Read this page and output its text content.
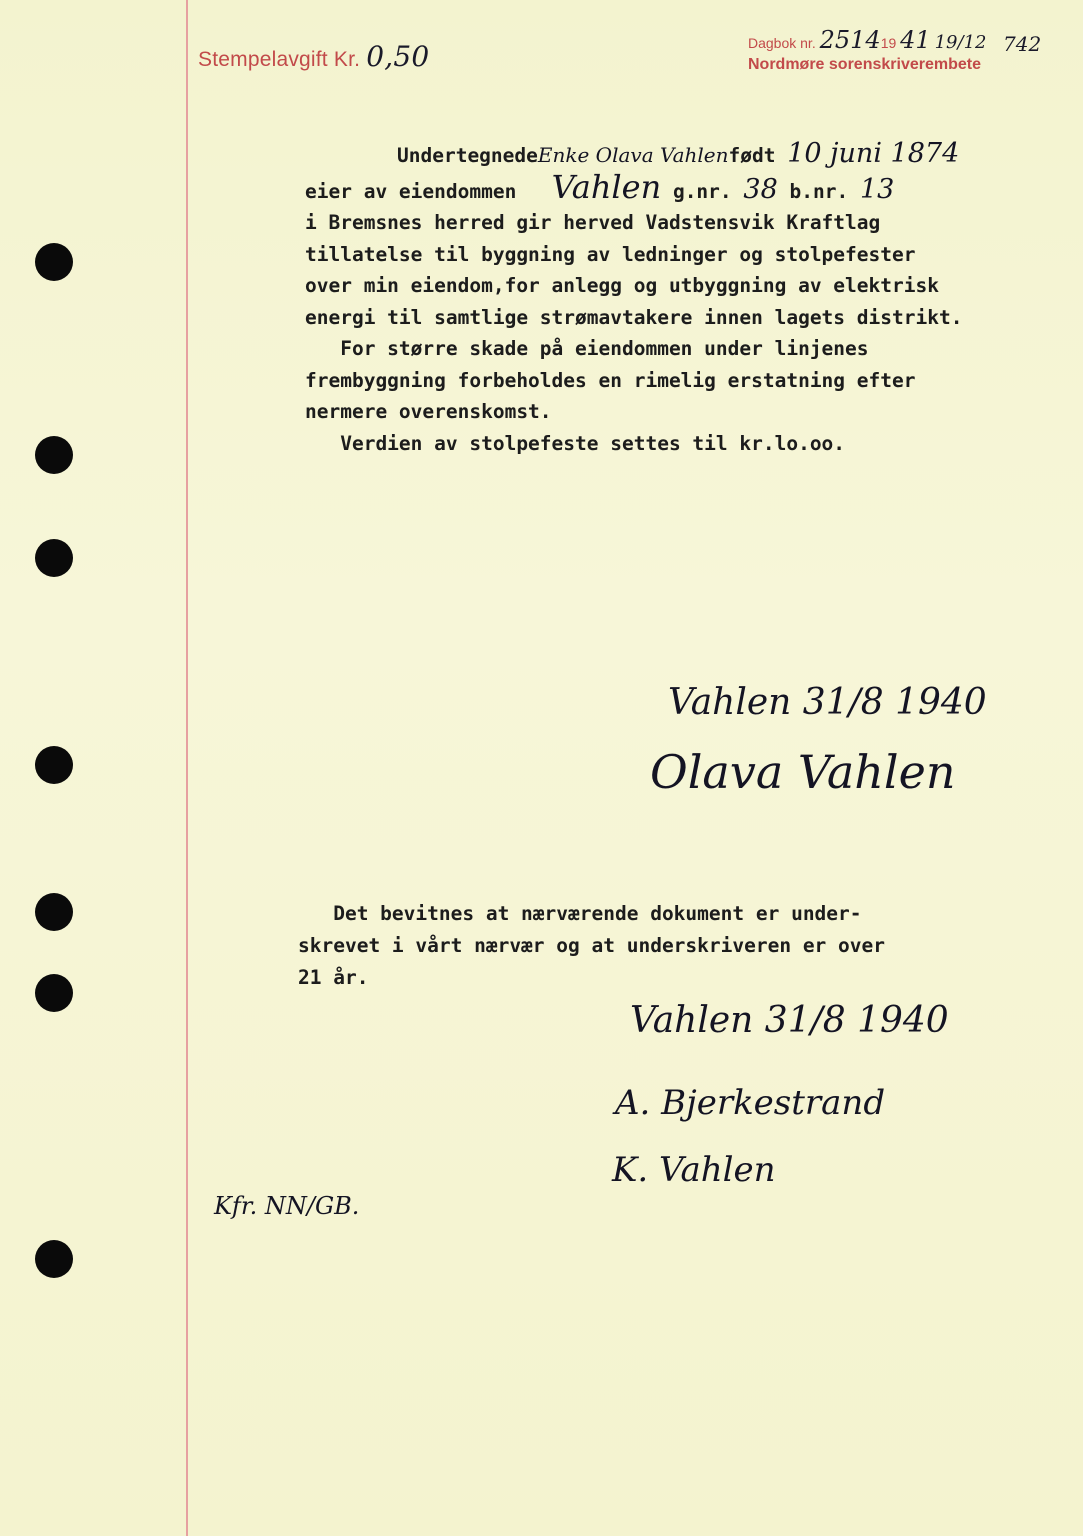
Stempelavgift Kr. 0,50	Dagbok nr. 251419 41 19/12
Nordmøre sorenskriverembete
742
UndertegnedeEnke Olava Vahlenfødt 10 juni 1874
eier av eiendommen Vahlen g.nr. 38 b.nr. 13
i Bremsnes herred gir herved Vadstensvik Kraftlag
tillatelse til byggning av ledninger og stolpefester
over min eiendom,for anlegg og utbyggning av elektrisk
energi til samtlige strømavtakere innen lagets distrikt.
For større skade på eiendommen under linjenes
frembyggning forbeholdes en rimelig erstatning efter
nermere overenskomst.
Verdien av stolpefeste settes til kr.lo.oo.
Vahlen 31/8 1940
Olava Vahlen
Det bevitnes at nærværende dokument er under-
skrevet i vårt nærvær og at underskriveren er over
21 år.
Vahlen 31/8 1940
A. Bjerkestrand
K. Vahlen
Kfr. NN/GB.
